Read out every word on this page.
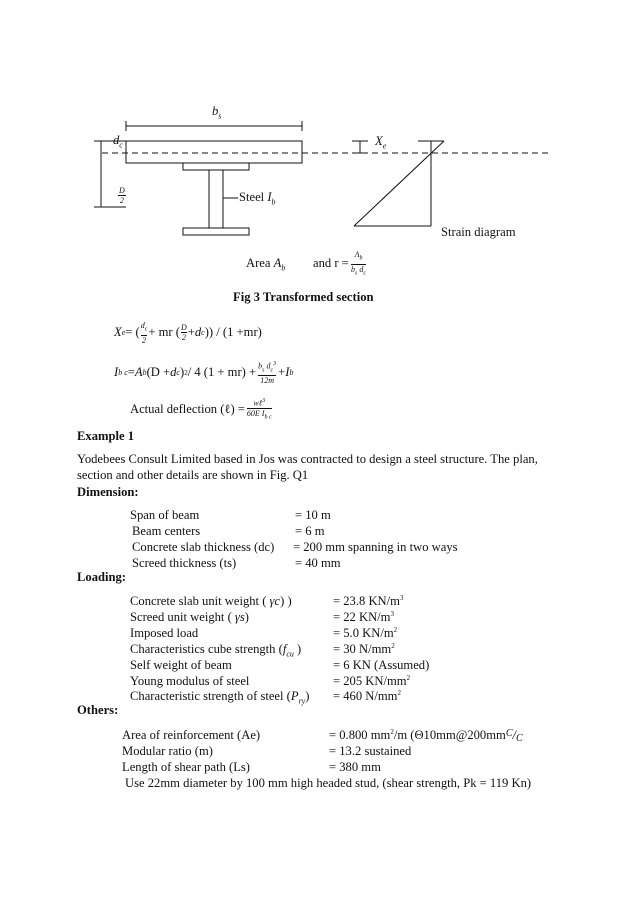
$b_s$
$d_c$
D
2
$X_e$
Steel $I_b$
Strain diagram
Area $A_b$ and r =
$A_b$
$b_s$ $d_c$
Fig 3 Transformed section
X e = ( $d_c$
2
+ mr ( D
2 + d c )) / (1 +mr)
I b c = A b (D + d c ) 2 / 4 $(1 + mr) + \frac{b_s d_c^3}{12m} + I$ b
Actual deflection (ℓ) =	wℓ$^3$
60E $I_{b c}$
Example 1
Yodebees Consult Limited based in Jos was contracted to design a steel structure. The plan,
section and other details are shown in Fig. Q1
Dimension:
Span of beam	= 10 m
Beam centers	= 6 m
Concrete slab thickness (dc) = 200 mm spanning in two ways
Screed thickness (ts)	= 40 mm
Loading:
Concrete slab unit weight ( γc) )	= 23.8 $KN/m^3$
Screed unit weight ( γs)	= 22 $KN/m^3$
Imposed load	= 5.0 $KN/m^2$
Characteristics cube strength ($f_{cu}$ )	= 30 $N/mm^2$
Self weight of beam	= 6 KN (Assumed)
Young modulus of steel	= 205 $KN/mm^2$
Characteristic strength of steel $(P_{ry}) = 460$ $N/mm^2$
Others:
Area of reinforcement (Ae)	= 0.800 $mm^2/m$ ($\Theta 10mm@200mm^C/C$
Modular ratio (m)	= 13.2 sustained
Length of shear path (Ls)	= 380 mm
Use 22mm diameter by 100 mm high headed stud, (shear strength, Pk = 119 Kn)
